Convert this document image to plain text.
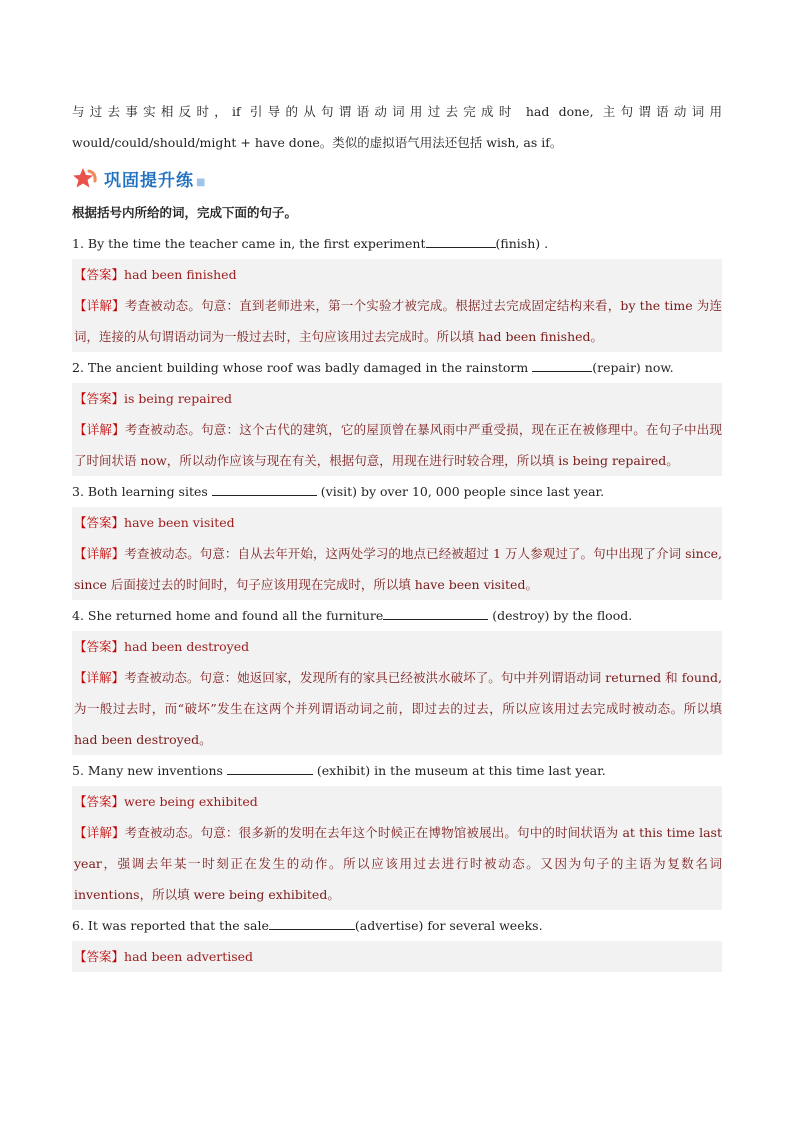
与过去事实相反时，if 引导的从句谓语动词用过去完成时 had done, 主句谓语动词用
would/could/should/might + have done。类似的虚拟语气用法还包括 wish, as if。
巩固提升练 ■
根据括号内所给的词，完成下面的句子。
1. By the time the teacher came in, the first experiment	(finish) .
【答案】had been finished
【详解】考查被动态。句意：直到老师进来，第一个实验才被完成。根据过去完成固定结构来看，by the time 为连词，连接的从句谓语动词为一般过去时，主句应该用过去完成时。所以填 had been finished。
2. The ancient building whose roof was badly damaged in the rainstorm	(repair) now.
【答案】is being repaired
【详解】考查被动态。句意：这个古代的建筑，它的屋顶曾在暴风雨中严重受损，现在正在被修理中。在句子中出现了时间状语 now，所以动作应该与现在有关，根据句意，用现在进行时较合理，所以填 is being repaired。
3. Both learning sites	(visit) by over 10, 000 people since last year.
【答案】have been visited
【详解】考查被动态。句意：自从去年开始，这两处学习的地点已经被超过 1 万人参观过了。句中出现了介词 since, since 后面接过去的时间时，句子应该用现在完成时，所以填 have been visited。
4. She returned home and found all the furniture	(destroy) by the flood.
【答案】had been destroyed
【详解】考查被动态。句意：她返回家，发现所有的家具已经被洪水破坏了。句中并列谓语动词 returned 和 found,为一般过去时，而“破坏”发生在这两个并列谓语动词之前，即过去的过去，所以应该用过去完成时被动态。所以填 had been destroyed。
5. Many new inventions	(exhibit) in the museum at this time last year.
【答案】were being exhibited
【详解】考查被动态。句意：很多新的发明在去年这个时候正在博物馆被展出。句中的时间状语为 at this time last year，强调去年某一时刻正在发生的动作。所以应该用过去进行时被动态。又因为句子的主语为复数名词 inventions，所以填 were being exhibited。
6. It was reported that the sale	(advertise) for several weeks.
【答案】had been advertised
